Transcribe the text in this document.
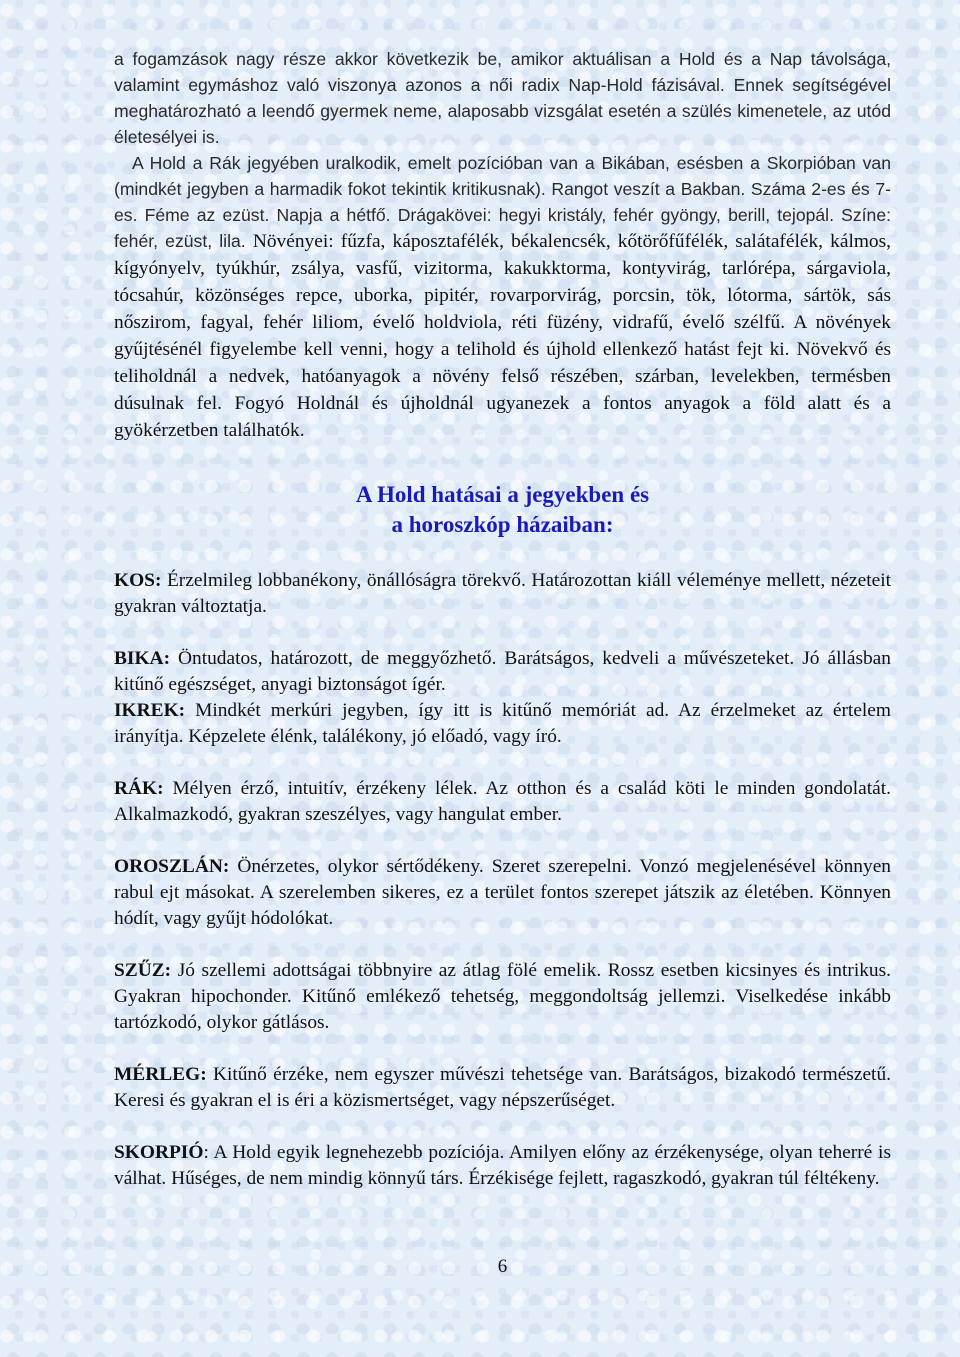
a fogamzások nagy része akkor következik be, amikor aktuálisan a Hold és a Nap távolsága, valamint egymáshoz való viszonya azonos a női radix Nap-Hold fázisával. Ennek segítségével meghatározható a leendő gyermek neme, alaposabb vizsgálat esetén a szülés kimenetele, az utód életesélyei is.

A Hold a Rák jegyében uralkodik, emelt pozícióban van a Bikában, esésben a Skorpióban van (mindkét jegyben a harmadik fokot tekintik kritikusnak). Rangot veszít a Bakban. Száma 2-es és 7-es. Féme az ezüst. Napja a hétfő. Drágakövei: hegyi kristály, fehér gyöngy, berill, tejopál. Színe: fehér, ezüst, lila. Növényei: fűzfa, káposztafélék, békalencsék, kőtörőfűfélék, salátafélék, kálmos, kígyónyelv, tyúkhúr, zsálya, vasfű, vizitorma, kakukktorma, kontyvirág, tarlórépa, sárgaviola, tócsahúr, közönséges repce, uborka, pipitér, rovarporvirág, porcsin, tök, lótorma, sártök, sás nőszirom, fagyal, fehér liliom, évelő holdviola, réti füzény, vidrafű, évelő szélfű. A növények gyűjtésénél figyelembe kell venni, hogy a telihold és újhold ellenkező hatást fejt ki. Növekvő és teliholdnál a nedvek, hatóanyagok a növény felső részében, szárban, levelekben, termésben dúsulnak fel. Fogyó Holdnál és újholdnál ugyanezek a fontos anyagok a föld alatt és a gyökérzetben találhatók.

A Hold hatásai a jegyekben és
a horoszkóp házaiban:

KOS: Érzelmileg lobbanékony, önállóságra törekvő. Határozottan kiáll véleménye mellett, nézeteit gyakran változtatja.

BIKA: Öntudatos, határozott, de meggyőzhető. Barátságos, kedveli a művészeteket. Jó állásban kitűnő egészséget, anyagi biztonságot ígér.

IKREK: Mindkét merkúri jegyben, így itt is kitűnő memóriát ad. Az érzelmeket az értelem irányítja. Képzelete élénk, találékony, jó előadó, vagy író.

RÁK: Mélyen érző, intuitív, érzékeny lélek. Az otthon és a család köti le minden gondolatát. Alkalmazkodó, gyakran szeszélyes, vagy hangulat ember.

OROSZLÁN: Önérzetes, olykor sértődékeny. Szeret szerepelni. Vonzó megjelenésével könnyen rabul ejt másokat. A szerelemben sikeres, ez a terület fontos szerepet játszik az életében. Könnyen hódít, vagy gyűjt hódolókat.

SZŰZ: Jó szellemi adottságai többnyire az átlag fölé emelik. Rossz esetben kicsinyes és intrikus. Gyakran hipochonder. Kitűnő emlékező tehetség, meggondoltság jellemzi. Viselkedése inkább tartózkodó, olykor gátlásos.

MÉRLEG: Kitűnő érzéke, nem egyszer művészi tehetsége van. Barátságos, bizakodó természetű. Keresi és gyakran el is éri a közismertséget, vagy népszerűséget.

SKORPIÓ: A Hold egyik legnehezebb pozíciója. Amilyen előny az érzékenysége, olyan teherré is válhat. Hűséges, de nem mindig könnyű társ. Érzékisége fejlett, ragaszkodó, gyakran túl féltékeny.

6
